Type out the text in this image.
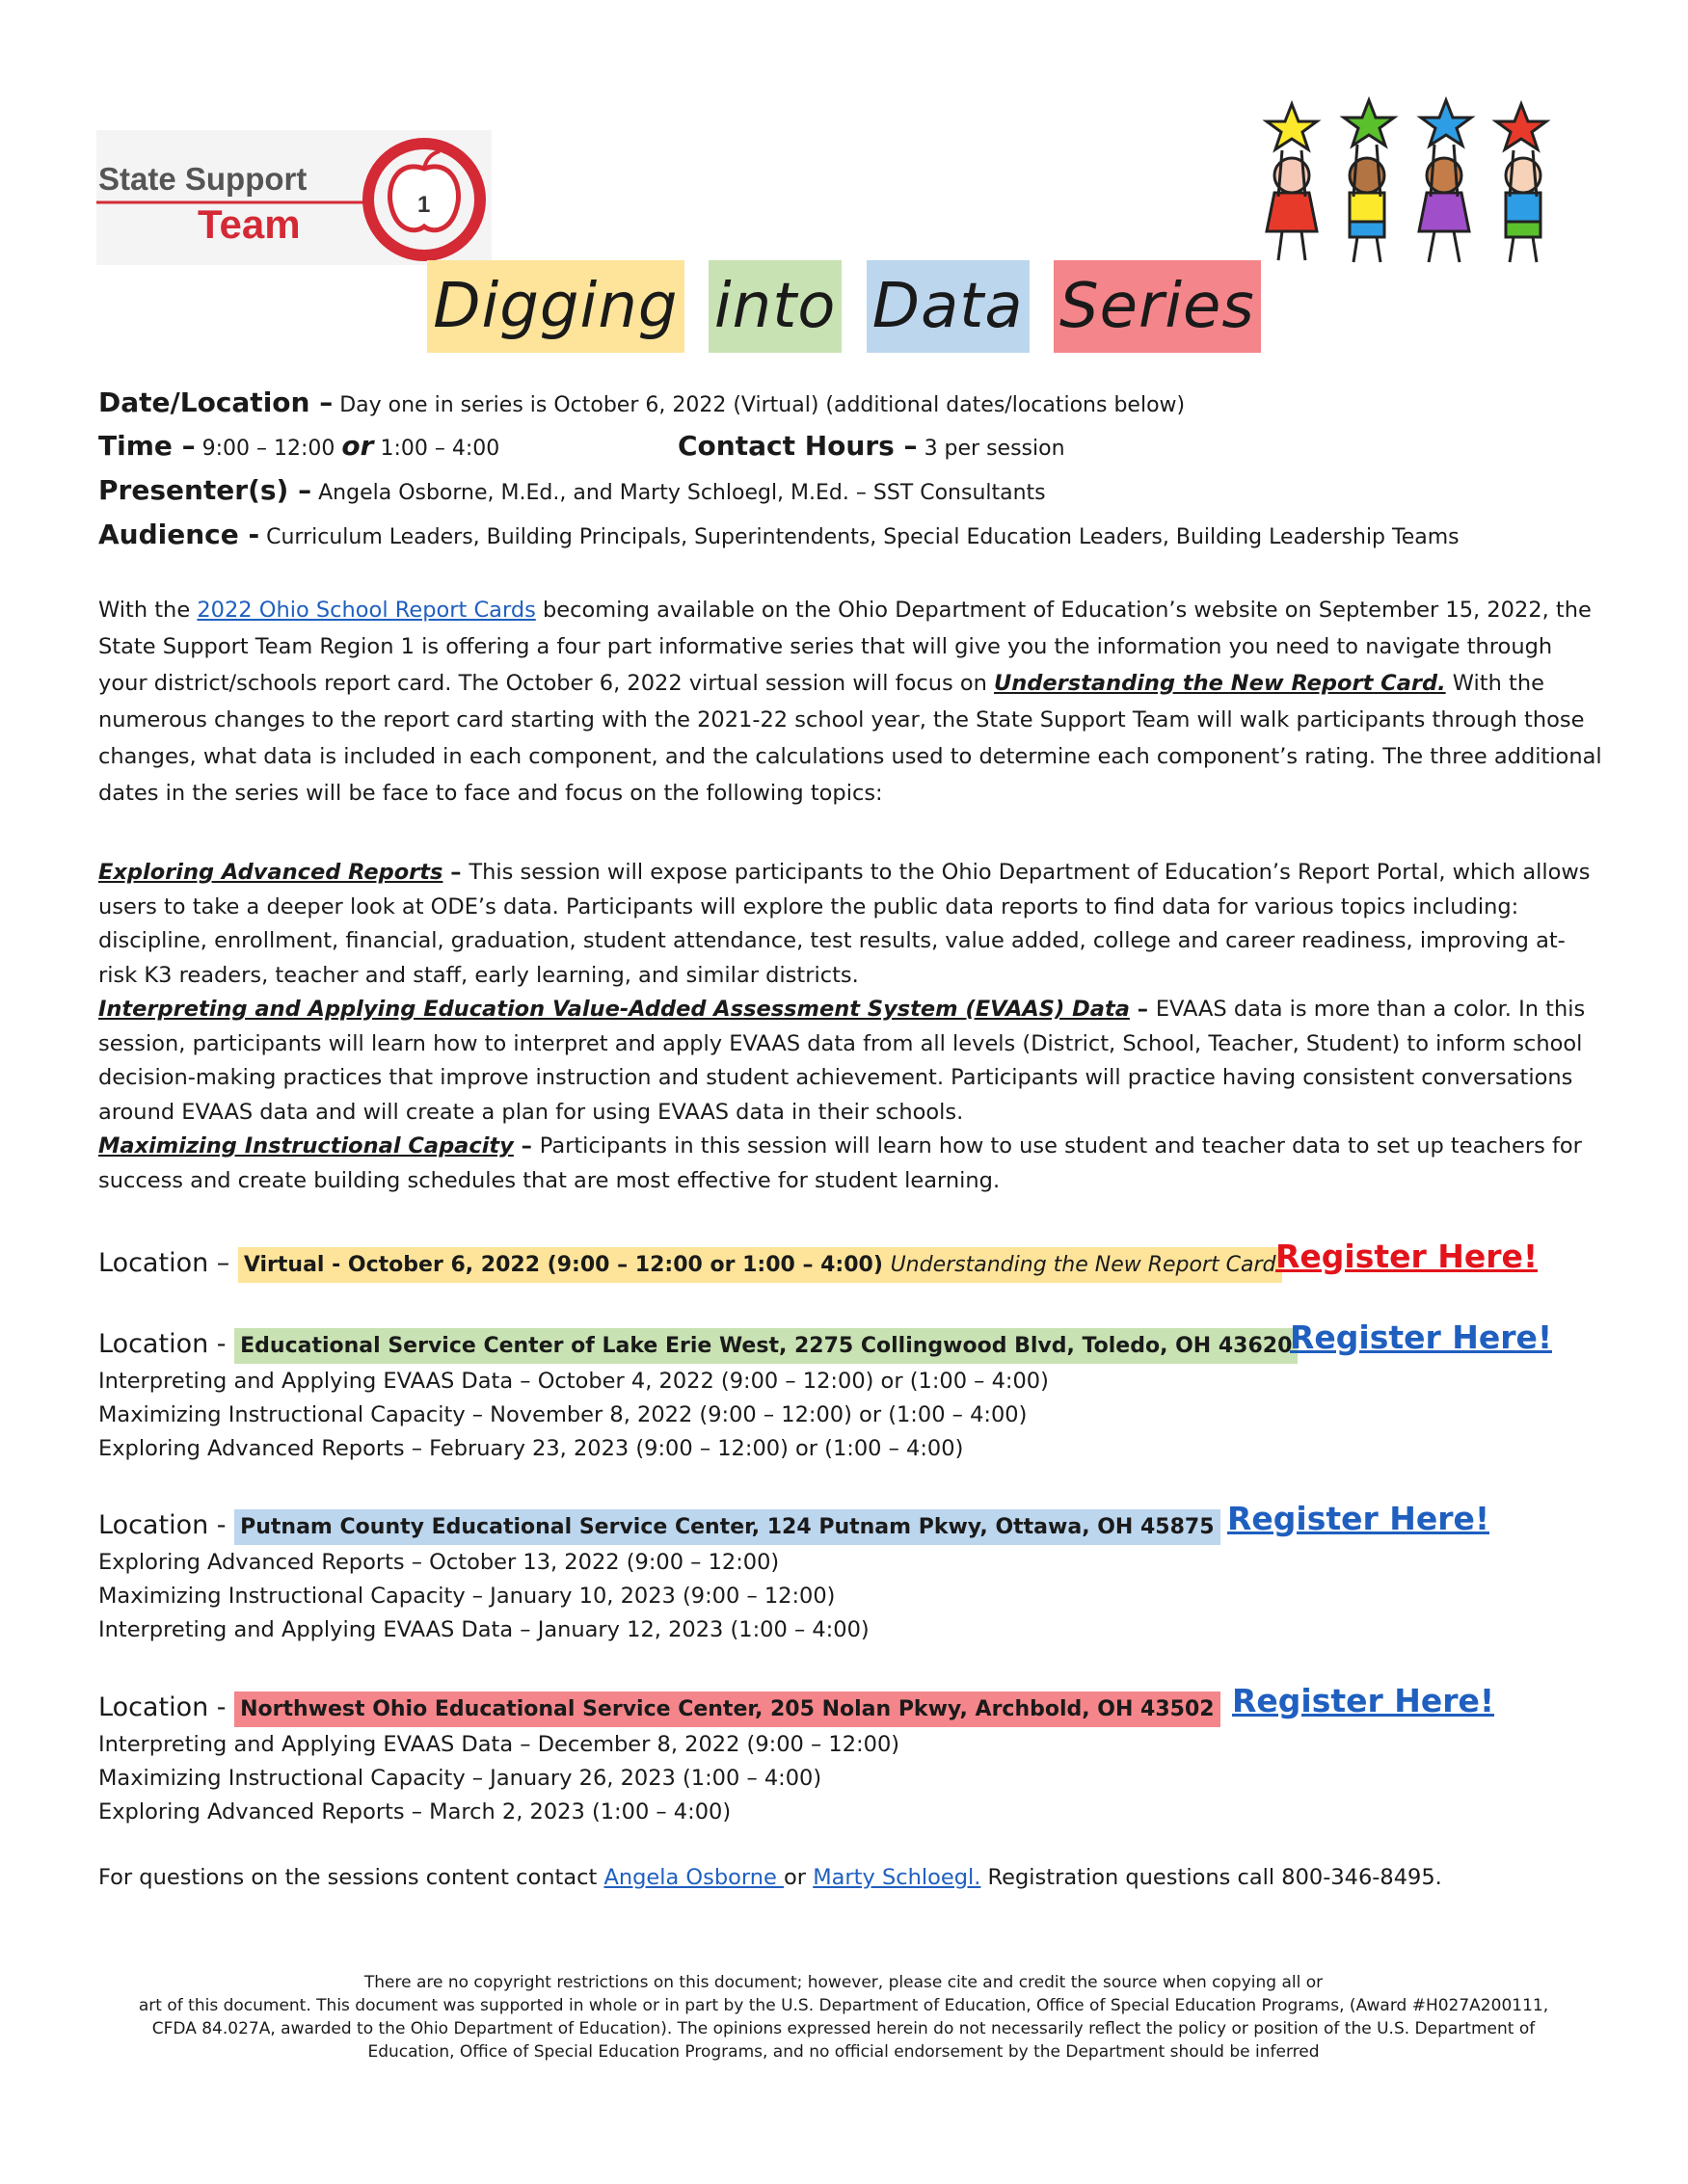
State Support
Team	1
Digging into Data Series
Date/Location – Day one in series is October 6, 2022 (Virtual) (additional dates/locations below)
Time – 9:00 – 12:00 or 1:00 – 4:00	Contact Hours – 3 per session
Presenter(s) – Angela Osborne, M.Ed., and Marty Schloegl, M.Ed. – SST Consultants
Audience - Curriculum Leaders, Building Principals, Superintendents, Special Education Leaders, Building Leadership Teams
With the 2022 Ohio School Report Cards becoming available on the Ohio Department of Education’s website on September 15, 2022, the State Support Team Region 1 is offering a four part informative series that will give you the information you need to navigate through your district/schools report card. The October 6, 2022 virtual session will focus on Understanding the New Report Card. With the numerous changes to the report card starting with the 2021-22 school year, the State Support Team will walk participants through those changes, what data is included in each component, and the calculations used to determine each component’s rating. The three additional dates in the series will be face to face and focus on the following topics:
Exploring Advanced Reports – This session will expose participants to the Ohio Department of Education’s Report Portal, which allows users to take a deeper look at ODE’s data. Participants will explore the public data reports to find data for various topics including: discipline, enrollment, financial, graduation, student attendance, test results, value added, college and career readiness, improving at-risk K3 readers, teacher and staff, early learning, and similar districts.
Interpreting and Applying Education Value-Added Assessment System (EVAAS) Data – EVAAS data is more than a color. In this session, participants will learn how to interpret and apply EVAAS data from all levels (District, School, Teacher, Student) to inform school decision-making practices that improve instruction and student achievement. Participants will practice having consistent conversations around EVAAS data and will create a plan for using EVAAS data in their schools.
Maximizing Instructional Capacity – Participants in this session will learn how to use student and teacher data to set up teachers for success and create building schedules that are most effective for student learning.
Location – Virtual - October 6, 2022 (9:00 – 12:00 or 1:00 – 4:00) Understanding the New Report Card Register Here!
Location - Educational Service Center of Lake Erie West, 2275 Collingwood Blvd, Toledo, OH 43620
Register Here!
Interpreting and Applying EVAAS Data – October 4, 2022 (9:00 – 12:00) or (1:00 – 4:00)
Maximizing Instructional Capacity – November 8, 2022 (9:00 – 12:00) or (1:00 – 4:00)
Exploring Advanced Reports – February 23, 2023 (9:00 – 12:00) or (1:00 – 4:00)
Location - Putnam County Educational Service Center, 124 Putnam Pkwy, Ottawa, OH 45875 Register Here!
Exploring Advanced Reports – October 13, 2022 (9:00 – 12:00)
Maximizing Instructional Capacity – January 10, 2023 (9:00 – 12:00)
Interpreting and Applying EVAAS Data – January 12, 2023 (1:00 – 4:00)
Location - Northwest Ohio Educational Service Center, 205 Nolan Pkwy, Archbold, OH 43502 Register Here!
Interpreting and Applying EVAAS Data – December 8, 2022 (9:00 – 12:00)
Maximizing Instructional Capacity – January 26, 2023 (1:00 – 4:00)
Exploring Advanced Reports – March 2, 2023 (1:00 – 4:00)
For questions on the sessions content contact Angela Osborne or Marty Schloegl. Registration questions call 800-346-8495.
There are no copyright restrictions on this document; however, please cite and credit the source when copying all or
art of this document. This document was supported in whole or in part by the U.S. Department of Education, Office of Special Education Programs, (Award #H027A200111,
CFDA 84.027A, awarded to the Ohio Department of Education). The opinions expressed herein do not necessarily reflect the policy or position of the U.S. Department of
Education, Office of Special Education Programs, and no official endorsement by the Department should be inferred
